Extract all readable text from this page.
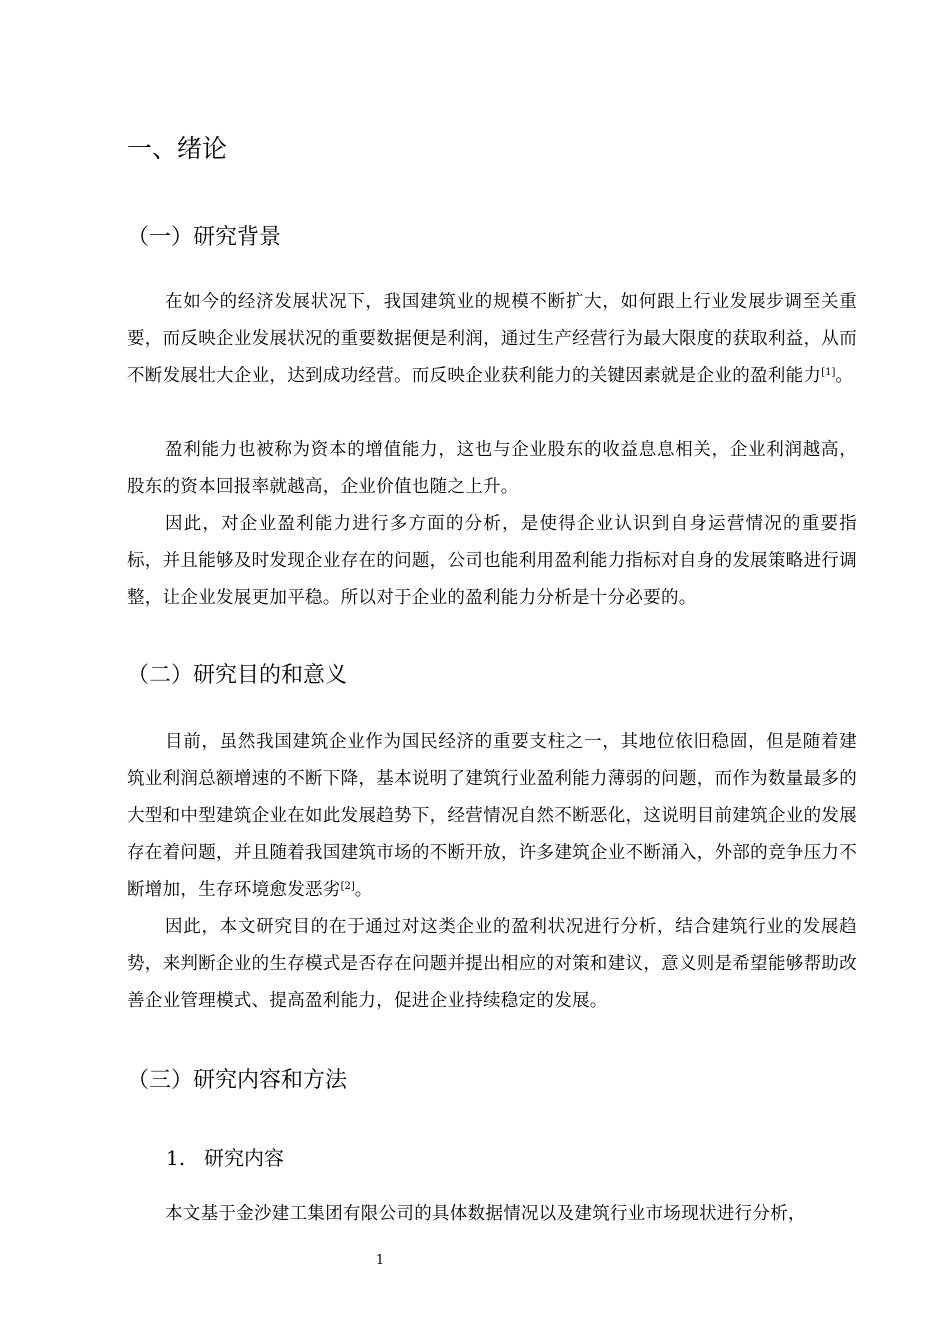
一、绪论
（一）研究背景

在如今的经济发展状况下，我国建筑业的规模不断扩大，如何跟上行业发展步调至关重要，而反映企业发展状况的重要数据便是利润，通过生产经营行为最大限度的获取利益，从而不断发展壮大企业，达到成功经营。而反映企业获利能力的关键因素就是企业的盈利能力[1]。

盈利能力也被称为资本的增值能力，这也与企业股东的收益息息相关，企业利润越高，股东的资本回报率就越高，企业价值也随之上升。

因此，对企业盈利能力进行多方面的分析，是使得企业认识到自身运营情况的重要指标，并且能够及时发现企业存在的问题，公司也能利用盈利能力指标对自身的发展策略进行调整，让企业发展更加平稳。所以对于企业的盈利能力分析是十分必要的。

（二）研究目的和意义

目前，虽然我国建筑企业作为国民经济的重要支柱之一，其地位依旧稳固，但是随着建筑业利润总额增速的不断下降，基本说明了建筑行业盈利能力薄弱的问题，而作为数量最多的大型和中型建筑企业在如此发展趋势下，经营情况自然不断恶化，这说明目前建筑企业的发展存在着问题，并且随着我国建筑市场的不断开放，许多建筑企业不断涌入，外部的竞争压力不断增加，生存环境愈发恶劣[2]。

因此，本文研究目的在于通过对这类企业的盈利状况进行分析，结合建筑行业的发展趋势，来判断企业的生存模式是否存在问题并提出相应的对策和建议，意义则是希望能够帮助改善企业管理模式、提高盈利能力，促进企业持续稳定的发展。

（三）研究内容和方法
1. 研究内容

本文基于金沙建工集团有限公司的具体数据情况以及建筑行业市场现状进行分析，

1
